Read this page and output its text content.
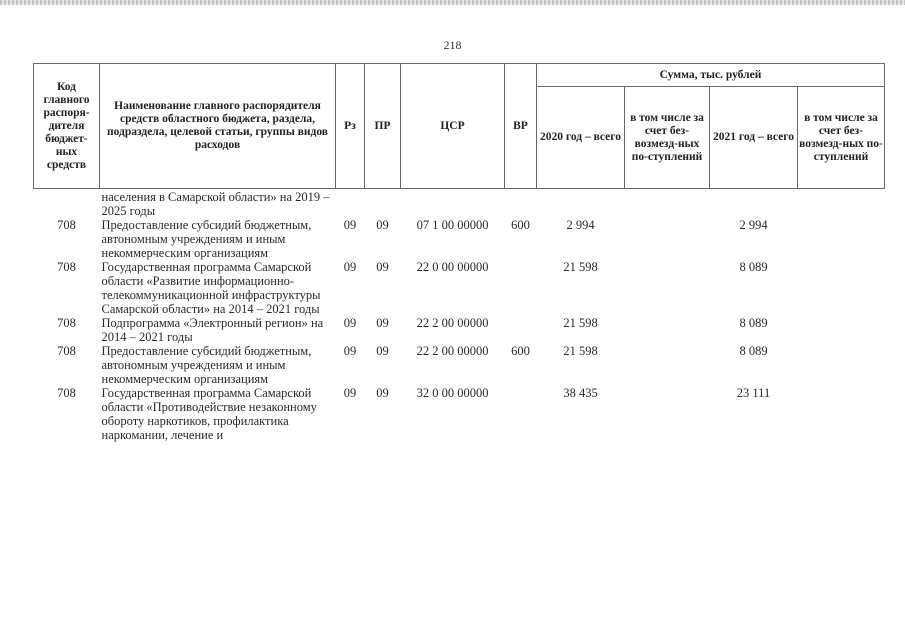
218
Код главного распоря-дителя бюджет-ных средств	Наименование главного распорядителя средств областного бюджета, раздела, подраздела, целевой статьи, группы видов расходов	Рз	ПР	ЦСР	ВР	Сумма, тыс. рублей			
						2020 год – всего	в том числе за счет без-возмезд-ных по-ступлений	2021 год – всего	в том числе за счет без-возмезд-ных по-ступлений
	населения в Самарской области» на 2019 – 2025 годы								
708	Предоставление субсидий бюджетным, автономным учреждениям и иным некоммерческим организациям	09	09	07 1 00 00000	600	2 994		2 994	
708	Государственная программа Самарской области «Развитие информационно-телекоммуникационной инфраструктуры Самарской области» на 2014 – 2021 годы	09	09	22 0 00 00000		21 598		8 089	
708	Подпрограмма «Электронный регион» на 2014 – 2021 годы	09	09	22 2 00 00000		21 598		8 089	
708	Предоставление субсидий бюджетным, автономным учреждениям и иным некоммерческим организациям	09	09	22 2 00 00000	600	21 598		8 089	
708	Государственная программа Самарской области «Противодействие незаконному обороту наркотиков, профилактика наркомании, лечение и	09	09	32 0 00 00000		38 435		23 111	
